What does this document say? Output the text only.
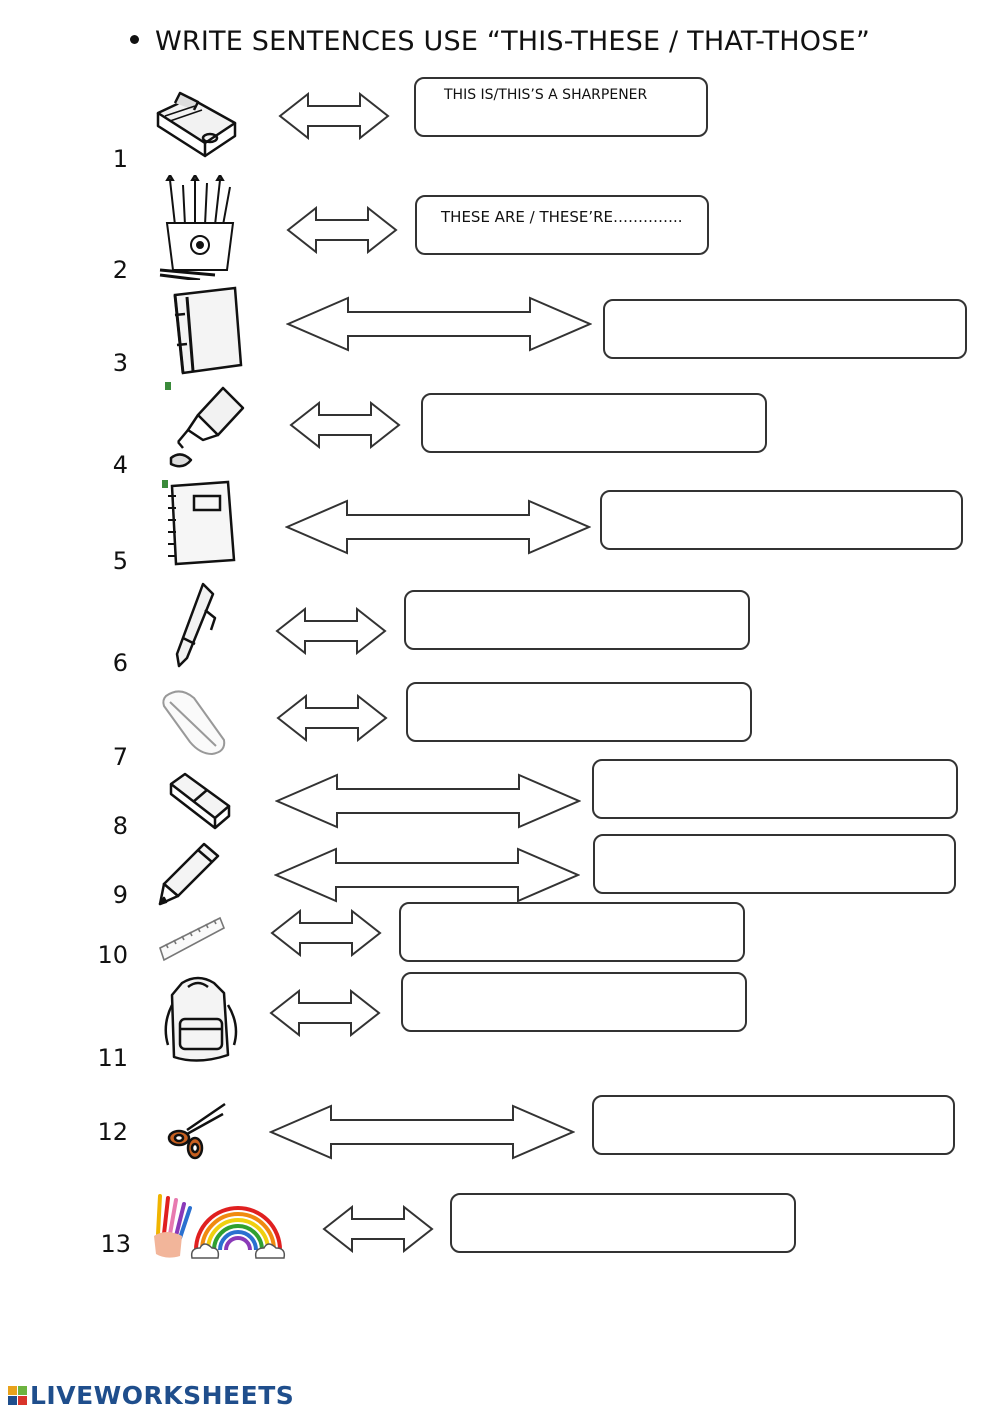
WRITE SENTENCES USE “THIS-THESE / THAT-THOSE”
1
THIS IS/THIS’S A SHARPENER
2
THESE ARE / THESE’RE…………..
3
4
5
6
7
8
9
10
11
12
13
LIVEWORKSHEETS
